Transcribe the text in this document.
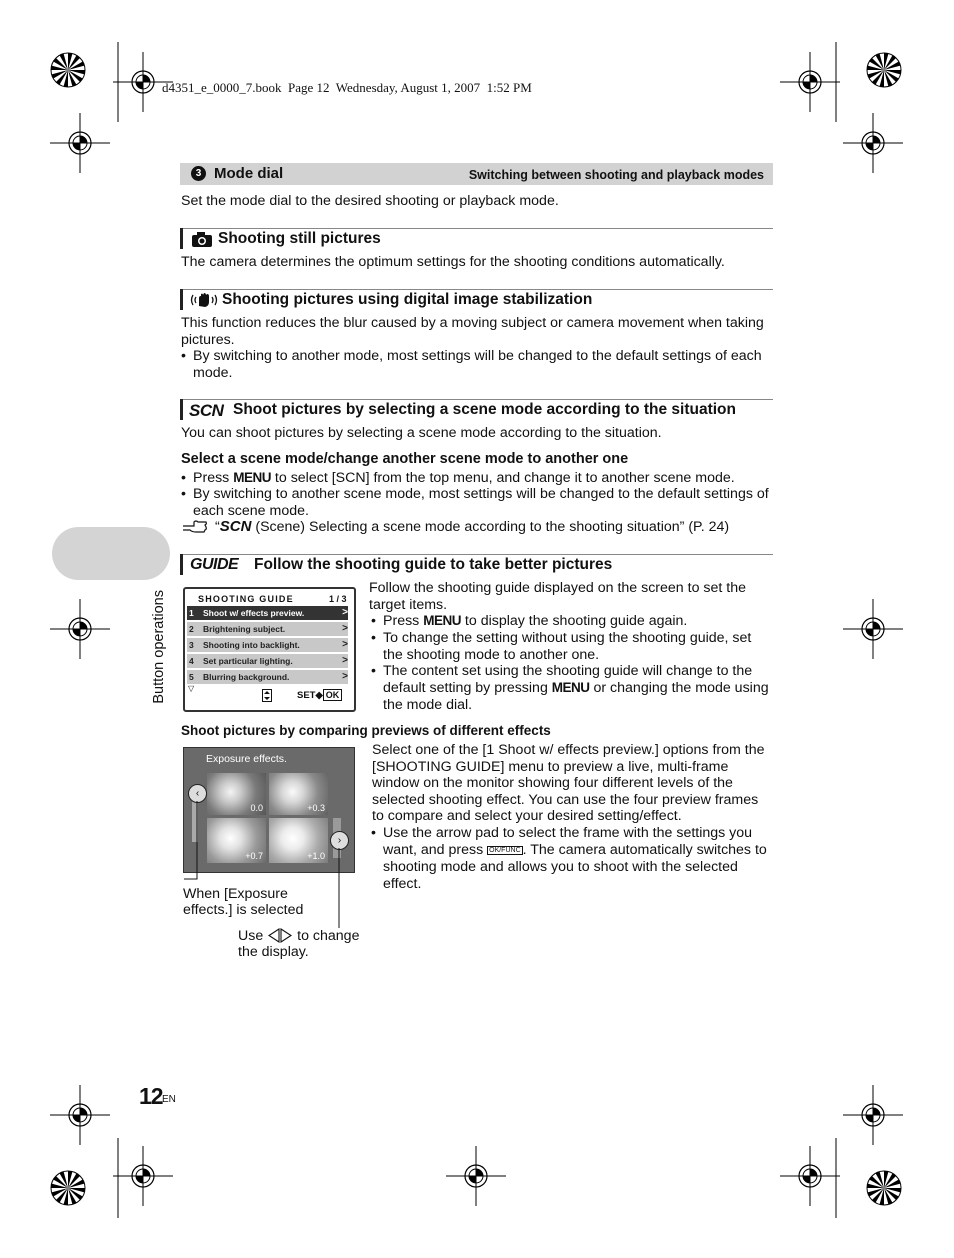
d4351_e_0000_7.book  Page 12  Wednesday, August 1, 2007  1:52 PM
3 Mode dial	Switching between shooting and playback modes
Set the mode dial to the desired shooting or playback mode.
Shooting still pictures
The camera determines the optimum settings for the shooting conditions automatically.
Shooting pictures using digital image stabilization
This function reduces the blur caused by a moving subject or camera movement when taking
pictures.
• By switching to another mode, most settings will be changed to the default settings of each
mode.
SCN Shoot pictures by selecting a scene mode according to the situation
You can shoot pictures by selecting a scene mode according to the situation.
Select a scene mode/change another scene mode to another one
• Press MENU to select [SCN] from the top menu, and change it to another scene mode.
• By switching to another scene mode, most settings will be changed to the default settings of
each scene mode.
“SCN (Scene) Selecting a scene mode according to the shooting situation” (P. 24)
GUIDE Follow the shooting guide to take better pictures
SHOOTING GUIDE	1 / 3
1 Shoot w/ effects preview.	>
2 Brightening subject.	>
3 Shooting into backlight.	>
4 Set particular lighting.	>
5 Blurring background.	>
▽
SET◆ OK
Follow the shooting guide displayed on the screen to set the
target items.
• Press MENU to display the shooting guide again.
• To change the setting without using the shooting guide, set
the shooting mode to another one.
• The content set using the shooting guide will change to the
default setting by pressing MENU or changing the mode using
the mode dial.
Shoot pictures by comparing previews of different effects
Exposure effects.
0.0	+0.3
+0.7	+1.0
‹
›
When [Exposure
effects.] is selected
Use to change
the display.
Select one of the [1 Shoot w/ effects preview.] options from the
[SHOOTING GUIDE] menu to preview a live, multi-frame
window on the monitor showing four different levels of the
selected shooting effect. You can use the four preview frames
to compare and select your desired setting/effect.
• Use the arrow pad to select the frame with the settings you
want, and press OK/FUNC . The camera automatically switches to
shooting mode and allows you to shoot with the selected
effect.
Button operations
12 EN
